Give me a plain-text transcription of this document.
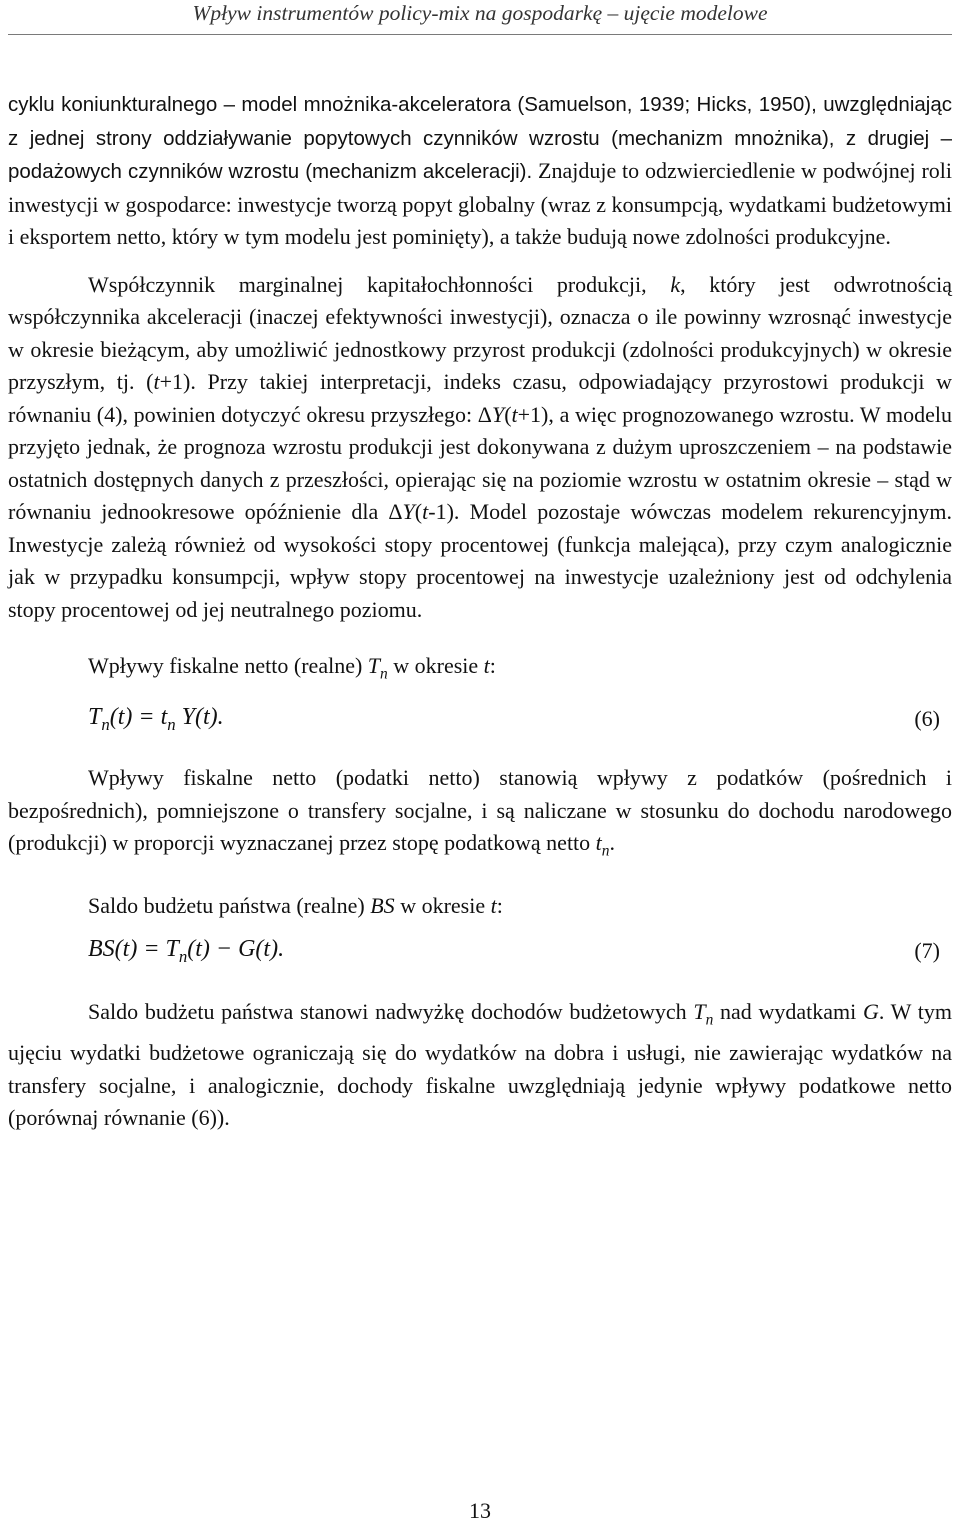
Wpływ instrumentów policy-mix na gospodarkę – ujęcie modelowe

cyklu koniunkturalnego – model mnożnika-akceleratora (Samuelson, 1939; Hicks, 1950), uwzględniając z jednej strony oddziaływanie popytowych czynników wzrostu (mechanizm mnożnika), z drugiej – podażowych czynników wzrostu (mechanizm akceleracji). Znajduje to odzwierciedlenie w podwójnej roli inwestycji w gospodarce: inwestycje tworzą popyt globalny (wraz z konsumpcją, wydatkami budżetowymi i eksportem netto, który w tym modelu jest pominięty), a także budują nowe zdolności produkcyjne.

Współczynnik marginalnej kapitałochłonności produkcji, k, który jest odwrotnością współczynnika akceleracji (inaczej efektywności inwestycji), oznacza o ile powinny wzrosnąć inwestycje w okresie bieżącym, aby umożliwić jednostkowy przyrost produkcji (zdolności produkcyjnych) w okresie przyszłym, tj. (t+1). Przy takiej interpretacji, indeks czasu, odpowiadający przyrostowi produkcji w równaniu (4), powinien dotyczyć okresu przyszłego: ΔY(t+1), a więc prognozowanego wzrostu. W modelu przyjęto jednak, że prognoza wzrostu produkcji jest dokonywana z dużym uproszczeniem – na podstawie ostatnich dostępnych danych z przeszłości, opierając się na poziomie wzrostu w ostatnim okresie – stąd w równaniu jednookresowe opóźnienie dla ΔY(t-1). Model pozostaje wówczas modelem rekurencyjnym. Inwestycje zależą również od wysokości stopy procentowej (funkcja malejąca), przy czym analogicznie jak w przypadku konsumpcji, wpływ stopy procentowej na inwestycje uzależniony jest od odchylenia stopy procentowej od jej neutralnego poziomu.

Wpływy fiskalne netto (realne) $T_n$ w okresie t:

$T_n(t) = t_n$ Y(t).	(6)

Wpływy fiskalne netto (podatki netto) stanowią wpływy z podatków (pośrednich i bezpośrednich), pomniejszone o transfery socjalne, i są naliczane w stosunku do dochodu narodowego (produkcji) w proporcji wyznaczanej przez stopę podatkową netto $t_n$.

Saldo budżetu państwa (realne) BS w okresie t:

$BS(t) = T_n(t) - G(t)$.	(7)

Saldo budżetu państwa stanowi nadwyżkę dochodów budżetowych $T_n$ nad wydatkami G. W tym ujęciu wydatki budżetowe ograniczają się do wydatków na dobra i usługi, nie zawierając wydatków na transfery socjalne, i analogicznie, dochody fiskalne uwzględniają jedynie wpływy podatkowe netto (porównaj równanie (6)).

13
